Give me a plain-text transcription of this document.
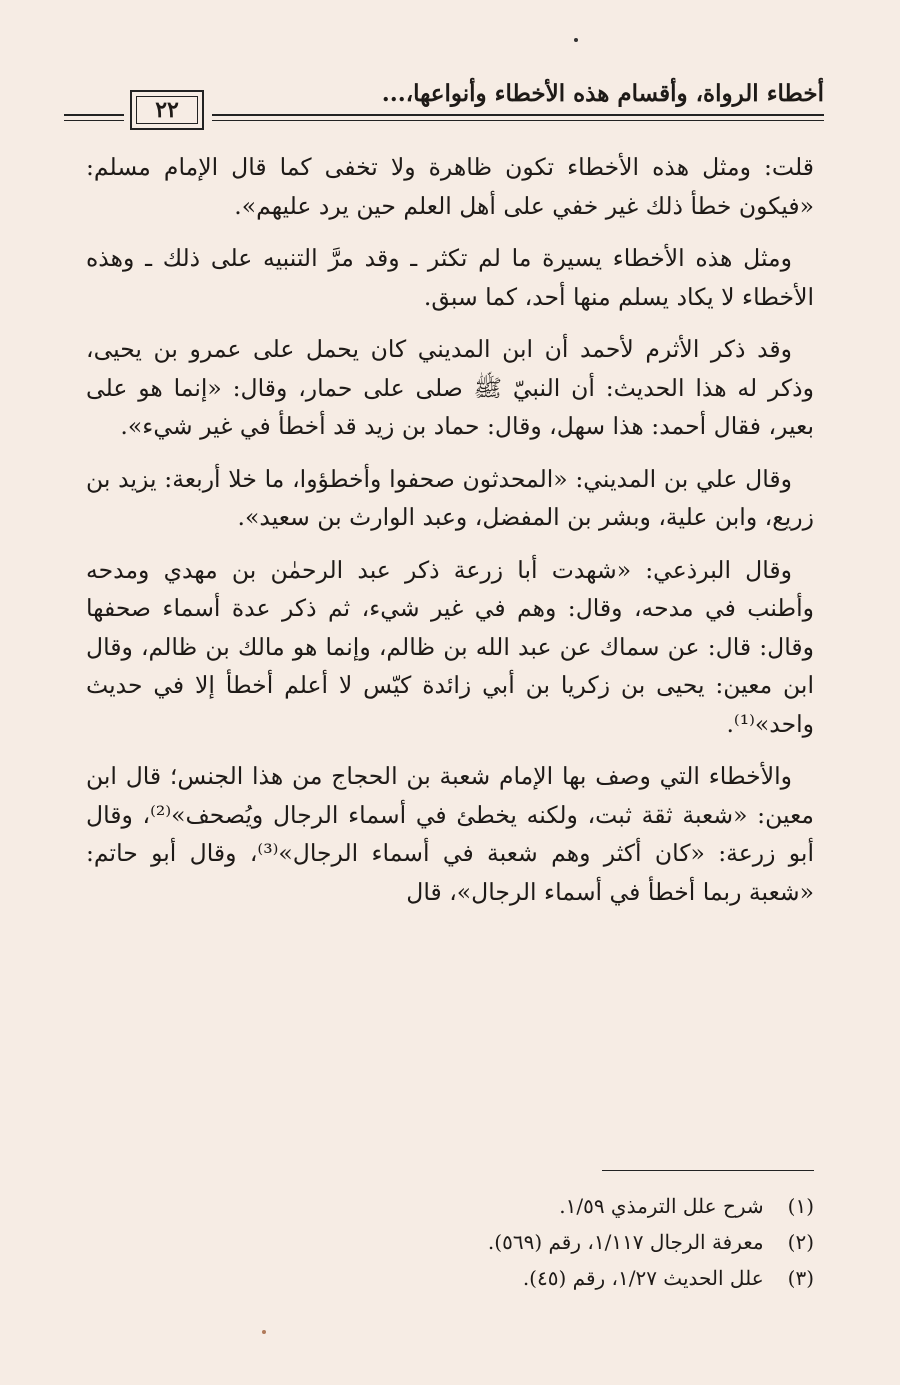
أخطاء الرواة، وأقسام هذه الأخطاء وأنواعها،...
٢٢

قلت: ومثل هذه الأخطاء تكون ظاهرة ولا تخفى كما قال الإمام مسلم: «فيكون خطأ ذلك غير خفي على أهل العلم حين يرد عليهم».

ومثل هذه الأخطاء يسيرة ما لم تكثر ـ وقد مرَّ التنبيه على ذلك ـ وهذه الأخطاء لا يكاد يسلم منها أحد، كما سبق.

وقد ذكر الأثرم لأحمد أن ابن المديني كان يحمل على عمرو بن يحيى، وذكر له هذا الحديث: أن النبيّ ﷺ صلى على حمار، وقال: «إنما هو على بعير، فقال أحمد: هذا سهل، وقال: حماد بن زيد قد أخطأ في غير شيء».

وقال علي بن المديني: «المحدثون صحفوا وأخطؤوا، ما خلا أربعة: يزيد بن زريع، وابن علية، وبشر بن المفضل، وعبد الوارث بن سعيد».

وقال البرذعي: «شهدت أبا زرعة ذكر عبد الرحمٰن بن مهدي ومدحه وأطنب في مدحه، وقال: وهم في غير شيء، ثم ذكر عدة أسماء صحفها وقال: قال: عن سماك عن عبد الله بن ظالم، وإنما هو مالك بن ظالم، وقال ابن معين: يحيى بن زكريا بن أبي زائدة كيّس لا أعلم أخطأ إلا في حديث واحد»⁽¹⁾.

والأخطاء التي وصف بها الإمام شعبة بن الحجاج من هذا الجنس؛ قال ابن معين: «شعبة ثقة ثبت، ولكنه يخطئ في أسماء الرجال ويُصحف»⁽²⁾، وقال أبو زرعة: «كان أكثر وهم شعبة في أسماء الرجال»⁽³⁾، وقال أبو حاتم: «شعبة ربما أخطأ في أسماء الرجال»، قال

(١) شرح علل الترمذي ١/٥٩.
(٢) معرفة الرجال ١/١١٧، رقم (٥٦٩).
(٣) علل الحديث ١/٢٧، رقم (٤٥).
